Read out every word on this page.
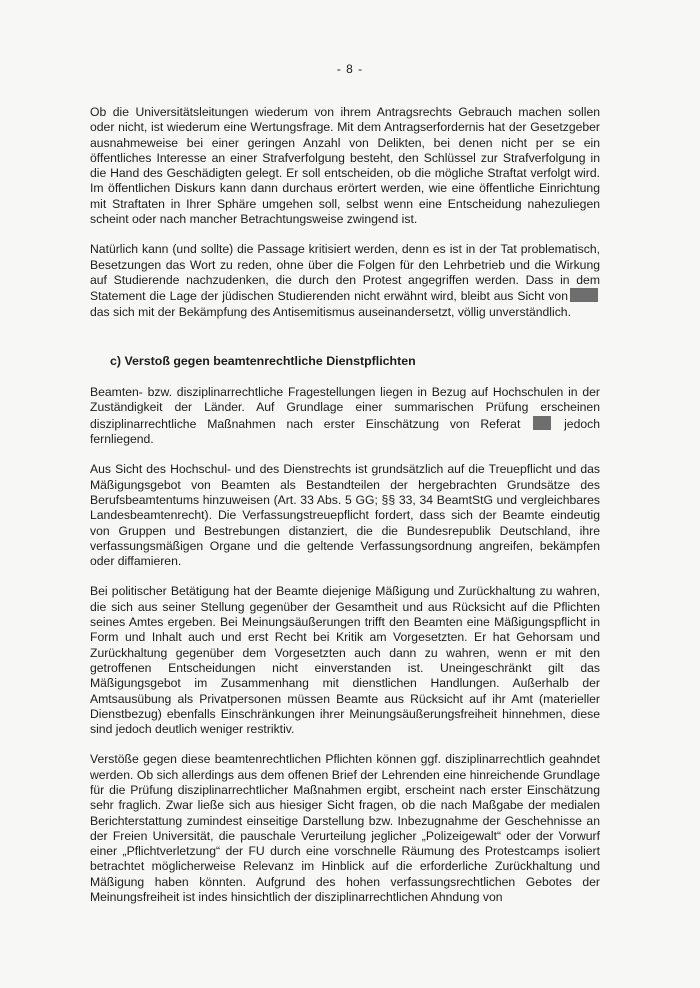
- 8 -

Ob die Universitätsleitungen wiederum von ihrem Antragsrechts Gebrauch machen sollen oder nicht, ist wiederum eine Wertungsfrage. Mit dem Antragserfordernis hat der Gesetzgeber ausnahmeweise bei einer geringen Anzahl von Delikten, bei denen nicht per se ein öffentliches Interesse an einer Strafverfolgung besteht, den Schlüssel zur Strafverfolgung in die Hand des Geschädigten gelegt. Er soll entscheiden, ob die mögliche Straftat verfolgt wird. Im öffentlichen Diskurs kann dann durchaus erörtert werden, wie eine öffentliche Einrichtung mit Straftaten in Ihrer Sphäre umgehen soll, selbst wenn eine Entscheidung nahezuliegen scheint oder nach mancher Betrachtungsweise zwingend ist.

Natürlich kann (und sollte) die Passage kritisiert werden, denn es ist in der Tat problematisch, Besetzungen das Wort zu reden, ohne über die Folgen für den Lehrbetrieb und die Wirkung auf Studierende nachzudenken, die durch den Protest angegriffen werden. Dass in dem Statement die Lage der jüdischen Studierenden nicht erwähnt wird, bleibt aus Sicht von das sich mit der Bekämpfung des Antisemitismus auseinandersetzt, völlig unverständlich.

c) Verstoß gegen beamtenrechtliche Dienstpflichten

Beamten- bzw. disziplinarrechtliche Fragestellungen liegen in Bezug auf Hochschulen in der Zuständigkeit der Länder. Auf Grundlage einer summarischen Prüfung erscheinen disziplinarrechtliche Maßnahmen nach erster Einschätzung von Referat	jedoch fernliegend.

Aus Sicht des Hochschul- und des Dienstrechts ist grundsätzlich auf die Treuepflicht und das Mäßigungsgebot von Beamten als Bestandteilen der hergebrachten Grundsätze des Berufsbeamtentums hinzuweisen (Art. 33 Abs. 5 GG; §§ 33, 34 BeamtStG und vergleichbares Landesbeamtenrecht). Die Verfassungstreuepflicht fordert, dass sich der Beamte eindeutig von Gruppen und Bestrebungen distanziert, die die Bundesrepublik Deutschland, ihre verfassungsmäßigen Organe und die geltende Verfassungsordnung angreifen, bekämpfen oder diffamieren.

Bei politischer Betätigung hat der Beamte diejenige Mäßigung und Zurückhaltung zu wahren, die sich aus seiner Stellung gegenüber der Gesamtheit und aus Rücksicht auf die Pflichten seines Amtes ergeben. Bei Meinungsäußerungen trifft den Beamten eine Mäßigungspflicht in Form und Inhalt auch und erst Recht bei Kritik am Vorgesetzten. Er hat Gehorsam und Zurückhaltung gegenüber dem Vorgesetzten auch dann zu wahren, wenn er mit den getroffenen Entscheidungen nicht einverstanden ist. Uneingeschränkt gilt das Mäßigungsgebot im Zusammenhang mit dienstlichen Handlungen. Außerhalb der Amtsausübung als Privatpersonen müssen Beamte aus Rücksicht auf ihr Amt (materieller Dienstbezug) ebenfalls Einschränkungen ihrer Meinungsäußerungsfreiheit hinnehmen, diese sind jedoch deutlich weniger restriktiv.

Verstöße gegen diese beamtenrechtlichen Pflichten können ggf. disziplinarrechtlich geahndet werden. Ob sich allerdings aus dem offenen Brief der Lehrenden eine hinreichende Grundlage für die Prüfung disziplinarrechtlicher Maßnahmen ergibt, erscheint nach erster Einschätzung sehr fraglich. Zwar ließe sich aus hiesiger Sicht fragen, ob die nach Maßgabe der medialen Berichterstattung zumindest einseitige Darstellung bzw. Inbezugnahme der Geschehnisse an der Freien Universität, die pauschale Verurteilung jeglicher „Polizeigewalt“ oder der Vorwurf einer „Pflichtverletzung“ der FU durch eine vorschnelle Räumung des Protestcamps isoliert betrachtet möglicherweise Relevanz im Hinblick auf die erforderliche Zurückhaltung und Mäßigung haben könnten. Aufgrund des hohen verfassungsrechtlichen Gebotes der Meinungsfreiheit ist indes hinsichtlich der disziplinarrechtlichen Ahndung von
